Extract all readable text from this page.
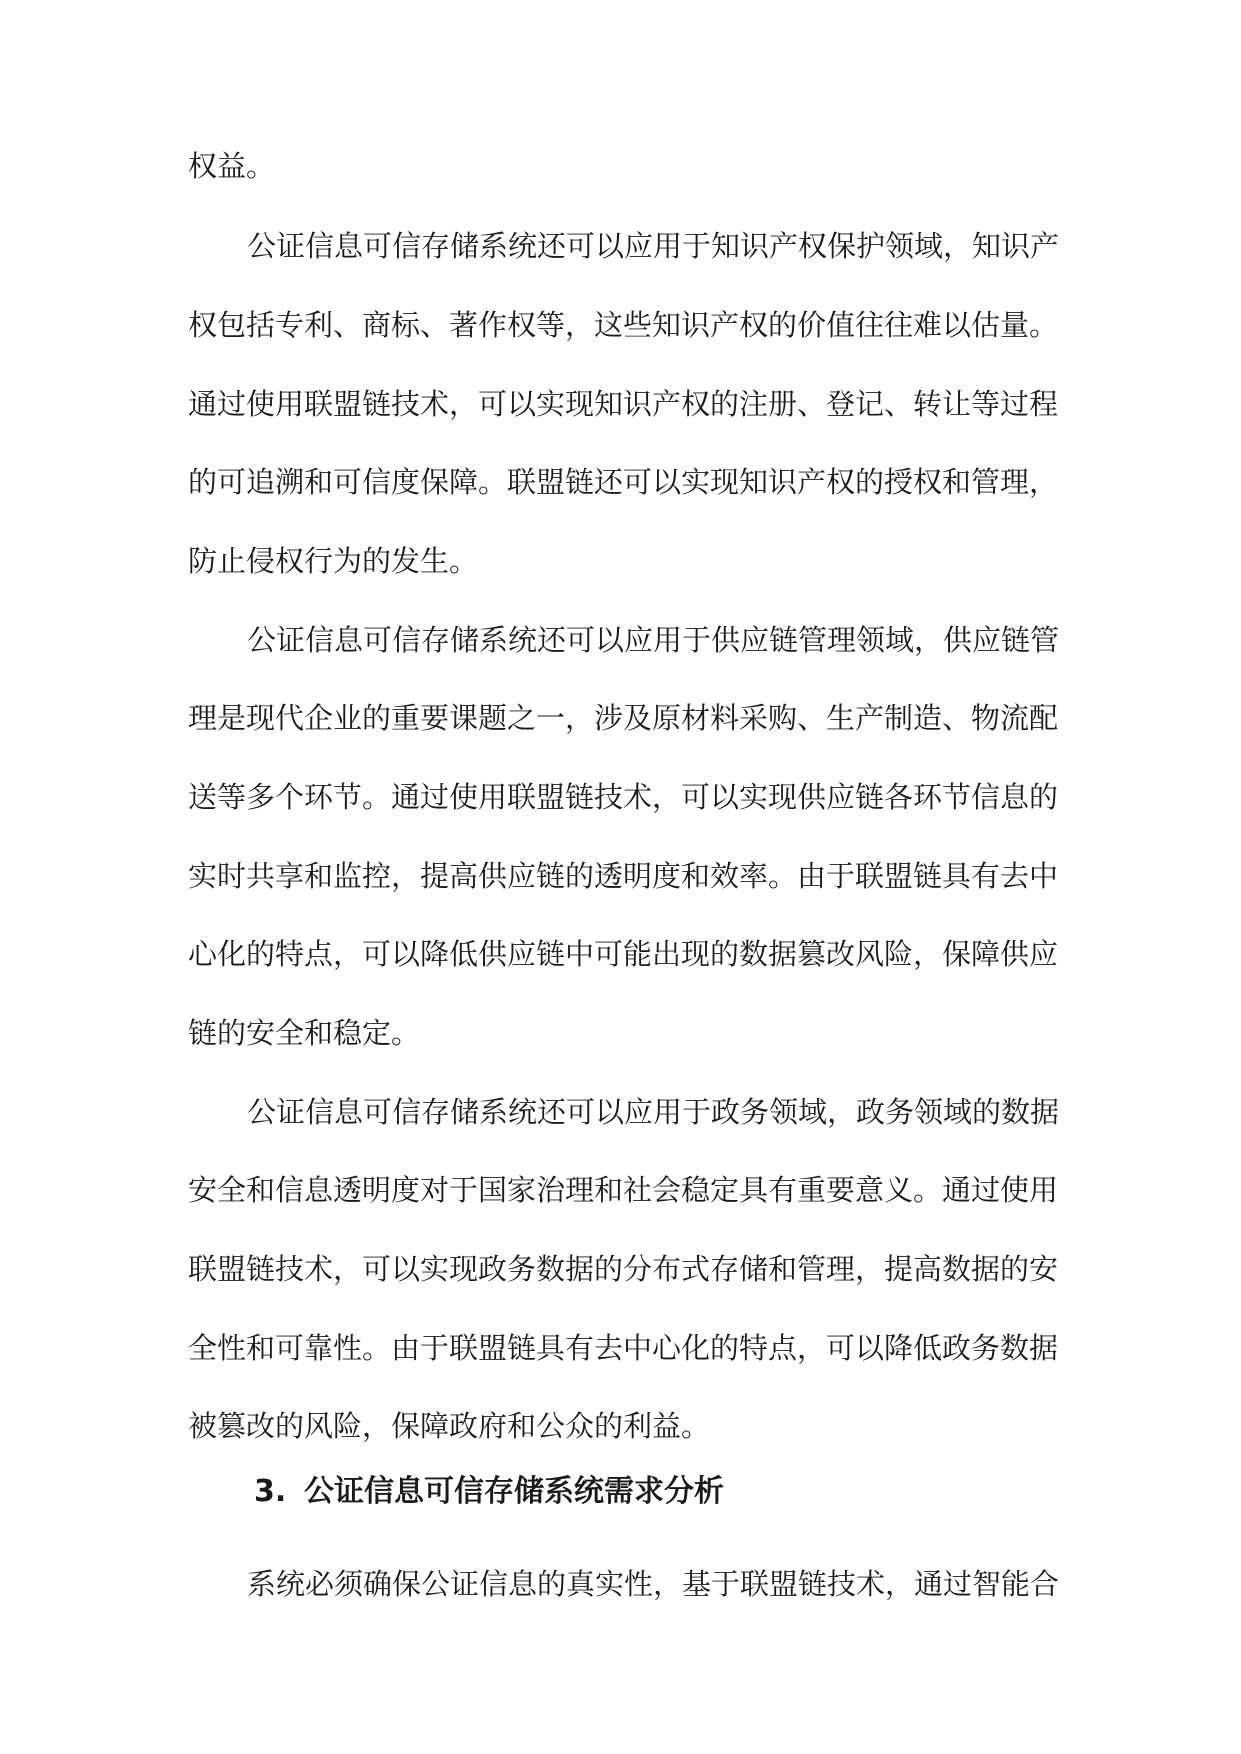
权益。
公证信息可信存储系统还可以应用于知识产权保护领域，知识产
权包括专利、商标、著作权等，这些知识产权的价值往往难以估量。
通过使用联盟链技术，可以实现知识产权的注册、登记、转让等过程
的可追溯和可信度保障。联盟链还可以实现知识产权的授权和管理，
防止侵权行为的发生。
公证信息可信存储系统还可以应用于供应链管理领域，供应链管
理是现代企业的重要课题之一，涉及原材料采购、生产制造、物流配
送等多个环节。通过使用联盟链技术，可以实现供应链各环节信息的
实时共享和监控，提高供应链的透明度和效率。由于联盟链具有去中
心化的特点，可以降低供应链中可能出现的数据篡改风险，保障供应
链的安全和稳定。
公证信息可信存储系统还可以应用于政务领域，政务领域的数据
安全和信息透明度对于国家治理和社会稳定具有重要意义。通过使用
联盟链技术，可以实现政务数据的分布式存储和管理，提高数据的安
全性和可靠性。由于联盟链具有去中心化的特点，可以降低政务数据
被篡改的风险，保障政府和公众的利益。
3. 公证信息可信存储系统需求分析
系统必须确保公证信息的真实性，基于联盟链技术，通过智能合
